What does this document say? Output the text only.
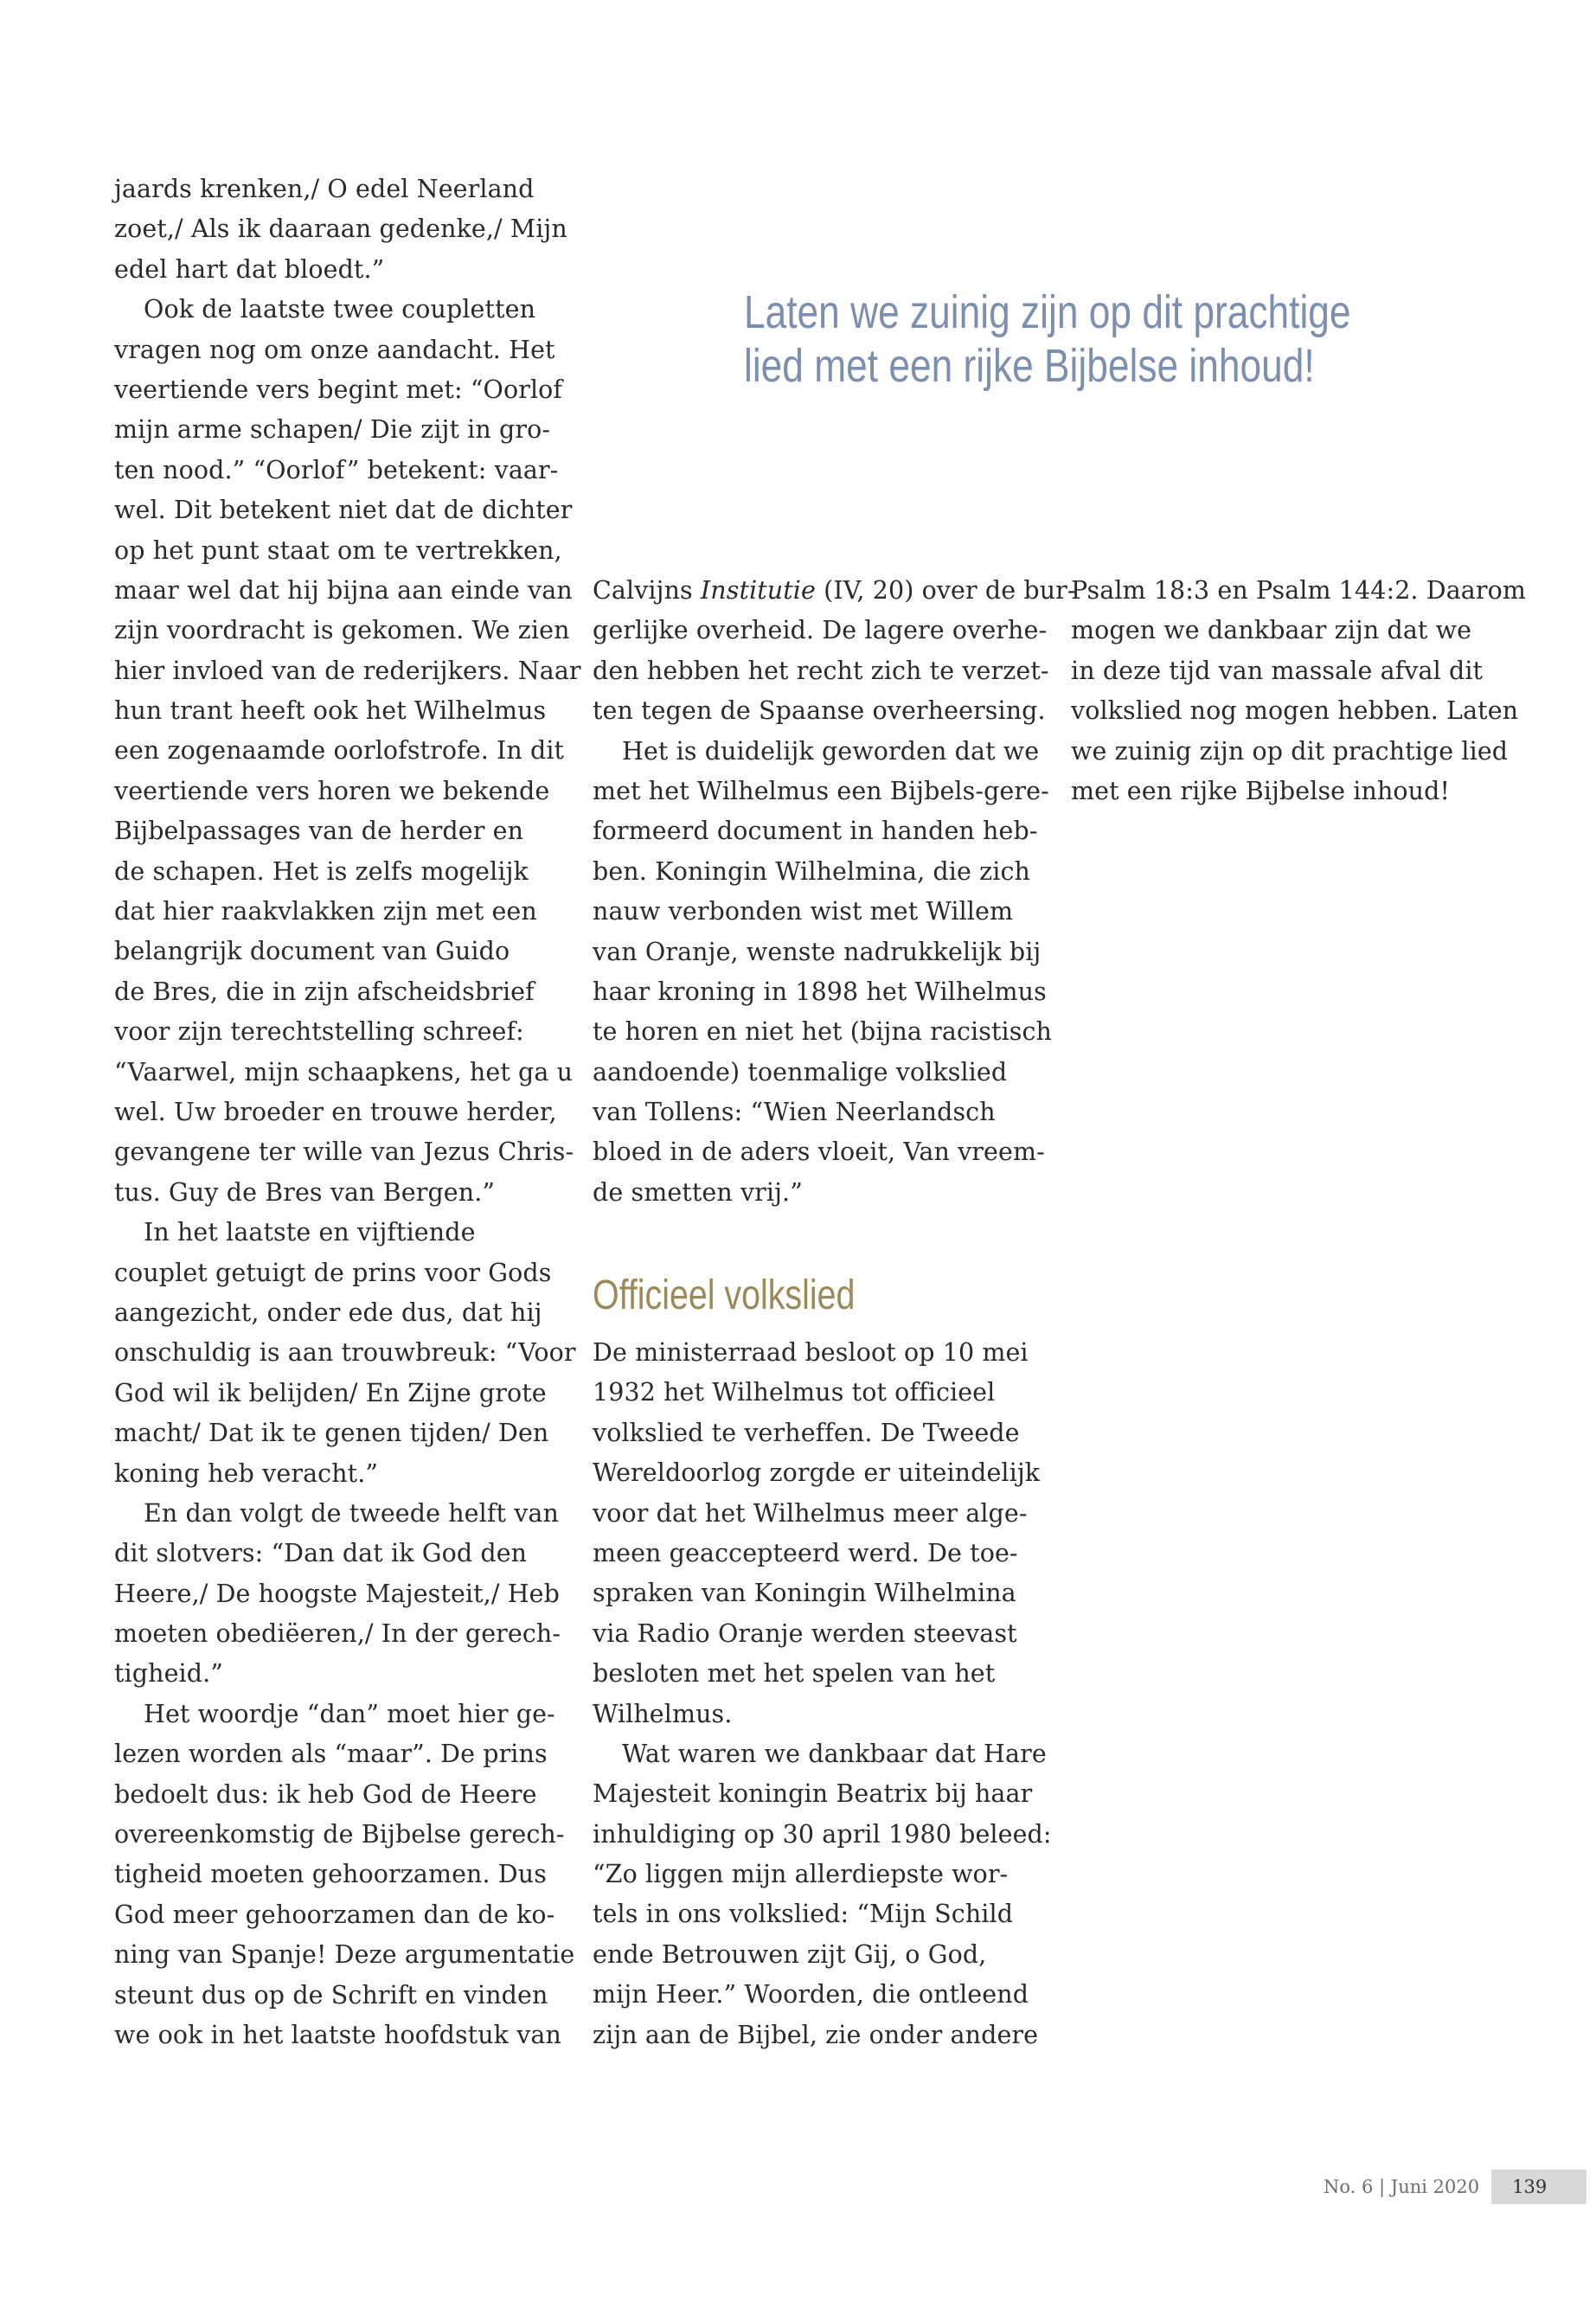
Laten we zuinig zijn op dit prachtige
lied met een rijke Bijbelse inhoud!
jaards krenken,/ O edel Neerland
zoet,/ Als ik daaraan gedenke,/ Mijn
edel hart dat bloedt.”
Ook de laatste twee coupletten
vragen nog om onze aandacht. Het
veertiende vers begint met: “Oorlof
mijn arme schapen/ Die zijt in gro-
ten nood.” “Oorlof” betekent: vaar-
wel. Dit betekent niet dat de dichter
op het punt staat om te vertrekken,
maar wel dat hij bijna aan einde van
zijn voordracht is gekomen. We zien
hier invloed van de rederijkers. Naar
hun trant heeft ook het Wilhelmus
een zogenaamde oorlofstrofe. In dit
veertiende vers horen we bekende
Bijbelpassages van de herder en
de schapen. Het is zelfs mogelijk
dat hier raakvlakken zijn met een
belangrijk document van Guido
de Bres, die in zijn afscheidsbrief
voor zijn terechtstelling schreef:
“Vaarwel, mijn schaapkens, het ga u
wel. Uw broeder en trouwe herder,
gevangene ter wille van Jezus Chris-
tus. Guy de Bres van Bergen.”
In het laatste en vijftiende
couplet getuigt de prins voor Gods
aangezicht, onder ede dus, dat hij
onschuldig is aan trouwbreuk: “Voor
God wil ik belijden/ En Zijne grote
macht/ Dat ik te genen tijden/ Den
koning heb veracht.”
En dan volgt de tweede helft van
dit slotvers: “Dan dat ik God den
Heere,/ De hoogste Majesteit,/ Heb
moeten obediëeren,/ In der gerech-
tigheid.”
Het woordje “dan” moet hier ge-
lezen worden als “maar”. De prins
bedoelt dus: ik heb God de Heere
overeenkomstig de Bijbelse gerech-
tigheid moeten gehoorzamen. Dus
God meer gehoorzamen dan de ko-
ning van Spanje! Deze argumentatie
steunt dus op de Schrift en vinden
we ook in het laatste hoofdstuk van
Calvijns Institutie (IV, 20) over de bur-
gerlijke overheid. De lagere overhe-
den hebben het recht zich te verzet-
ten tegen de Spaanse overheersing.
Het is duidelijk geworden dat we
met het Wilhelmus een Bijbels-gere-
formeerd document in handen heb-
ben. Koningin Wilhelmina, die zich
nauw verbonden wist met Willem
van Oranje, wenste nadrukkelijk bij
haar kroning in 1898 het Wilhelmus
te horen en niet het (bijna racistisch
aandoende) toenmalige volkslied
van Tollens: “Wien Neerlandsch
bloed in de aders vloeit, Van vreem-
de smetten vrij.”
Officieel volkslied
De ministerraad besloot op 10 mei
1932 het Wilhelmus tot officieel
volkslied te verheffen. De Tweede
Wereldoorlog zorgde er uiteindelijk
voor dat het Wilhelmus meer alge-
meen geaccepteerd werd. De toe-
spraken van Koningin Wilhelmina
via Radio Oranje werden steevast
besloten met het spelen van het
Wilhelmus.
Wat waren we dankbaar dat Hare
Majesteit koningin Beatrix bij haar
inhuldiging op 30 april 1980 beleed:
“Zo liggen mijn allerdiepste wor-
tels in ons volkslied: “Mijn Schild
ende Betrouwen zijt Gij, o God,
mijn Heer.” Woorden, die ontleend
zijn aan de Bijbel, zie onder andere
Psalm 18:3 en Psalm 144:2. Daarom
mogen we dankbaar zijn dat we
in deze tijd van massale afval dit
volkslied nog mogen hebben. Laten
we zuinig zijn op dit prachtige lied
met een rijke Bijbelse inhoud!
No. 6 | Juni 2020	139
